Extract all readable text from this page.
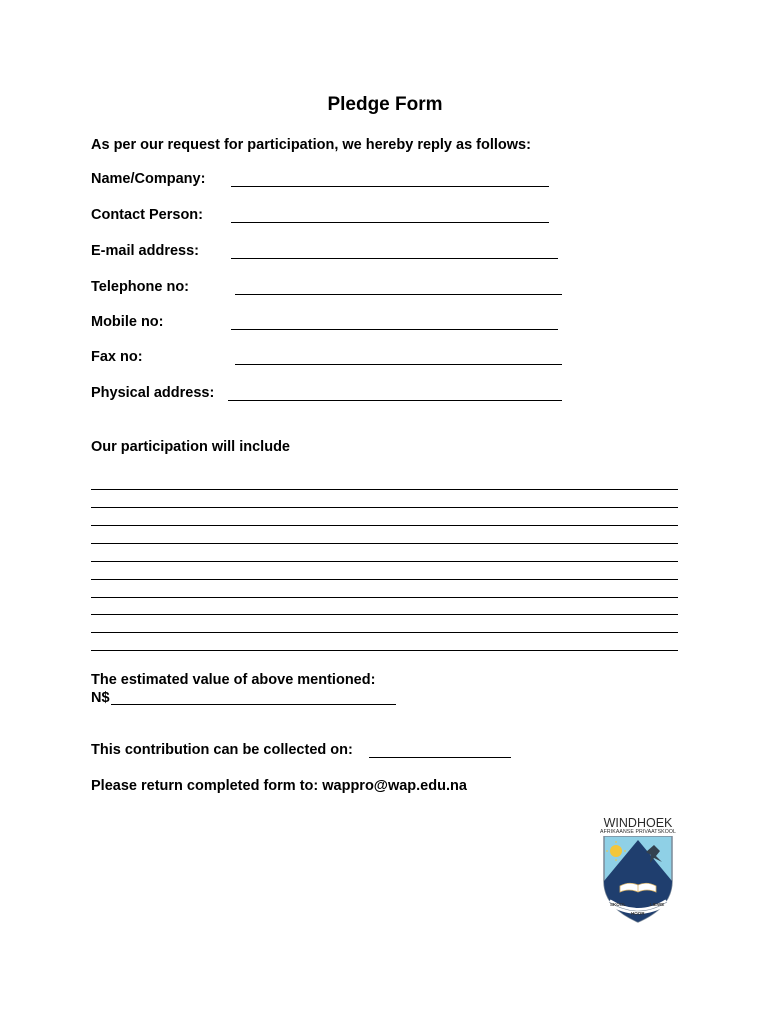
Pledge Form
As per our request for participation, we hereby reply as follows:
Name/Company:
Contact Person:
E-mail address:
Telephone no:
Mobile no:
Fax no:
Physical address:
Our participation will include
The estimated value of above mentioned:
N$
This contribution can be collected on:
Please return completed form to: wappro@wap.edu.na
WINDHOEK
AFRIKAANSE PRIVAATSKOOL
SKOOL	LIEWE
HOOR
